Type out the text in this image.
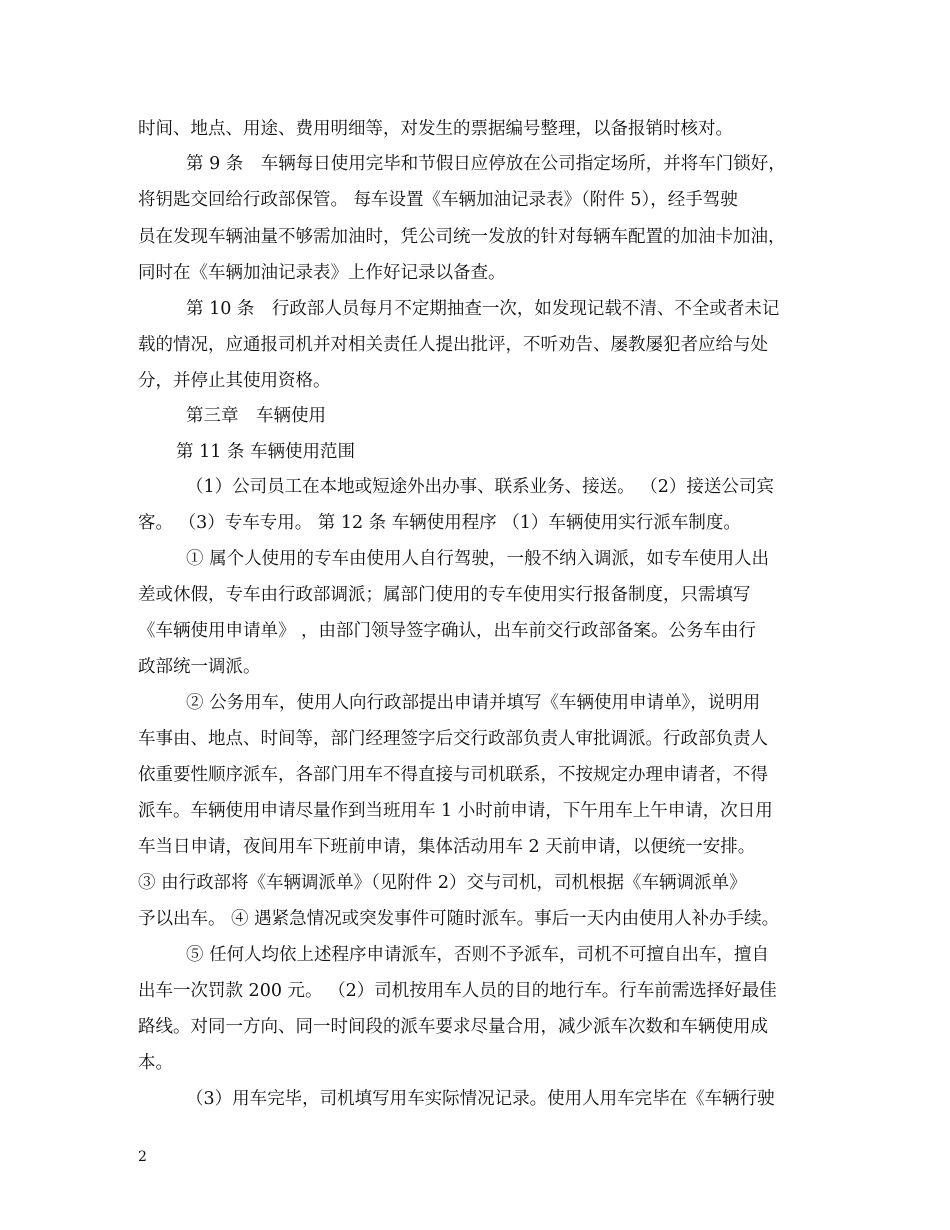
时间、地点、用途、费用明细等，对发生的票据编号整理，以备报销时核对。
第 9 条　车辆每日使用完毕和节假日应停放在公司指定场所，并将车门锁好，
将钥匙交回给行政部保管。 每车设置《车辆加油记录表》（附件 5），经手驾驶
员在发现车辆油量不够需加油时，凭公司统一发放的针对每辆车配置的加油卡加油，
同时在《车辆加油记录表》上作好记录以备查。
第 10 条　行政部人员每月不定期抽查一次，如发现记载不清、不全或者未记
载的情况，应通报司机并对相关责任人提出批评，不听劝告、屡教屡犯者应给与处
分，并停止其使用资格。
第三章　车辆使用
第 11 条 车辆使用范围
（1）公司员工在本地或短途外出办事、联系业务、接送。 （2）接送公司宾
客。 （3）专车专用。 第 12 条 车辆使用程序 （1）车辆使用实行派车制度。
① 属个人使用的专车由使用人自行驾驶，一般不纳入调派，如专车使用人出
差或休假，专车由行政部调派；属部门使用的专车使用实行报备制度，只需填写
《车辆使用申请单》 ，由部门领导签字确认，出车前交行政部备案。公务车由行
政部统一调派。
② 公务用车，使用人向行政部提出申请并填写《车辆使用申请单》，说明用
车事由、地点、时间等，部门经理签字后交行政部负责人审批调派。行政部负责人
依重要性顺序派车，各部门用车不得直接与司机联系，不按规定办理申请者，不得
派车。车辆使用申请尽量作到当班用车 1 小时前申请，下午用车上午申请，次日用
车当日申请，夜间用车下班前申请，集体活动用车 2 天前申请，以便统一安排。
③ 由行政部将《车辆调派单》（见附件 2）交与司机，司机根据《车辆调派单》
予以出车。 ④ 遇紧急情况或突发事件可随时派车。事后一天内由使用人补办手续。
⑤ 任何人均依上述程序申请派车，否则不予派车，司机不可擅自出车，擅自
出车一次罚款 200 元。 （2）司机按用车人员的目的地行车。行车前需选择好最佳
路线。对同一方向、同一时间段的派车要求尽量合用，减少派车次数和车辆使用成
本。
（3）用车完毕，司机填写用车实际情况记录。使用人用车完毕在《车辆行驶
2
